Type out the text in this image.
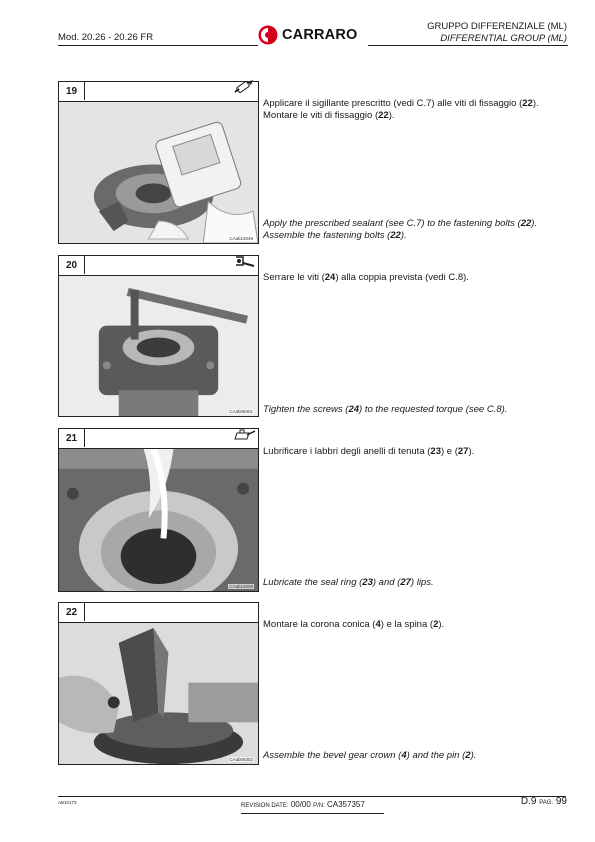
Mod. 20.26 - 20.26 FR	CARRARO
GRUPPO DIFFERENZIALE (ML)
DIFFERENTIAL GROUP (ML)
19
CAab12049
Applicare il sigillante prescritto (vedi C.7) alle viti di fissaggio (22).
Montare le viti di fissaggio (22).
Apply the prescribed sealant (see C.7) to the fastening bolts (22).
Assemble the fastening bolts (22).
20
CAab08301
Serrare le viti (24) alla coppia prevista (vedi C.8).
Tighten the screws (24) to the requested torque (see C.8).
21
CAab12006
Lubrificare i labbri degli anelli di tenuta (23) e (27).
Lubricate the seal ring (23) and (27) lips.
22
CAab08302
Montare la corona conica (4) e la spina (2).
Assemble the bevel gear crown (4) and the pin (2).
AB10173
REVISION DATE: 00/00 P/N: CA357357	D.9 PAG. 99
